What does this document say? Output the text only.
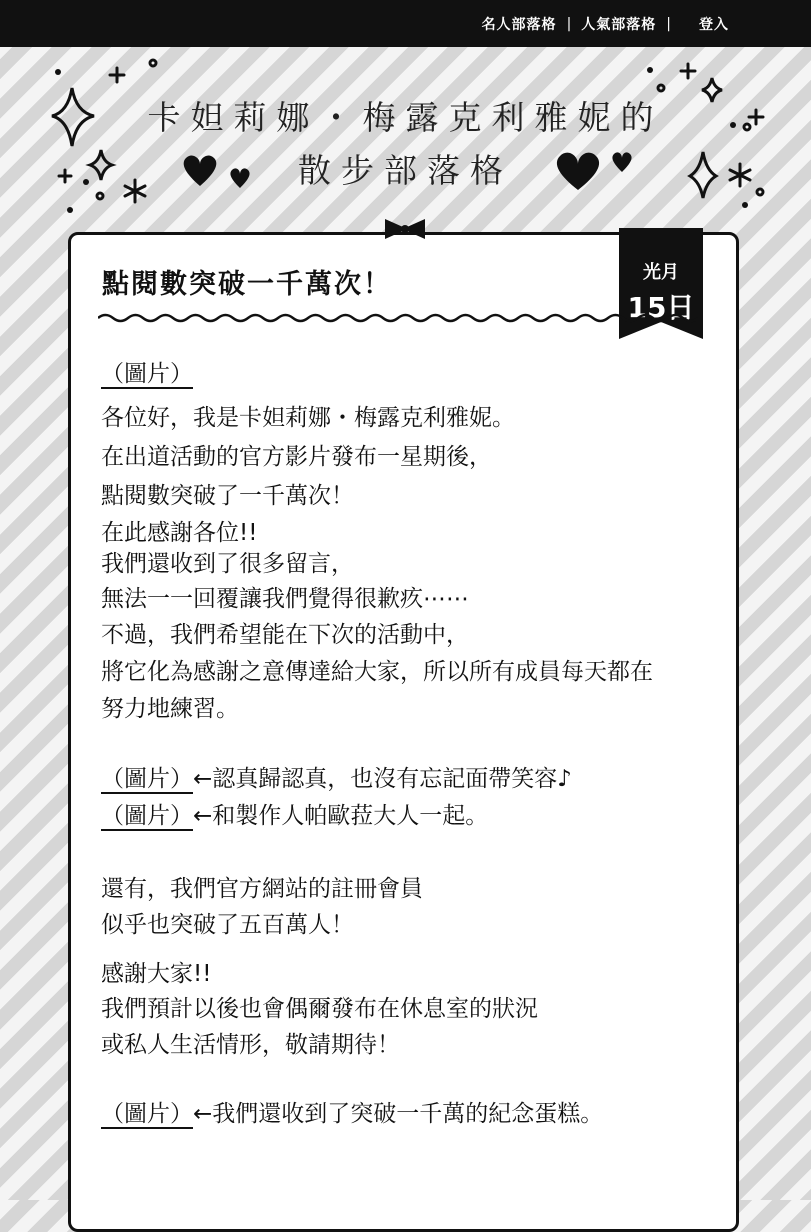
名人部落格 | 人氣部落格 |	登入
卡妲莉娜・梅露克利雅妮的
散步部落格
光月
15日
點閱數突破一千萬次！
（圖片）
各位好，我是卡妲莉娜・梅露克利雅妮。
在出道活動的官方影片發布一星期後，
點閱數突破了一千萬次！
在此感謝各位!!
我們還收到了很多留言，
無法一一回覆讓我們覺得很歉疚⋯⋯
不過，我們希望能在下次的活動中，
將它化為感謝之意傳達給大家，所以所有成員每天都在
努力地練習。
（圖片）←認真歸認真，也沒有忘記面帶笑容♪
（圖片）←和製作人帕歐菈大人一起。
還有，我們官方網站的註冊會員
似乎也突破了五百萬人！
感謝大家!!
我們預計以後也會偶爾發布在休息室的狀況
或私人生活情形，敬請期待！
（圖片）←我們還收到了突破一千萬的紀念蛋糕。
